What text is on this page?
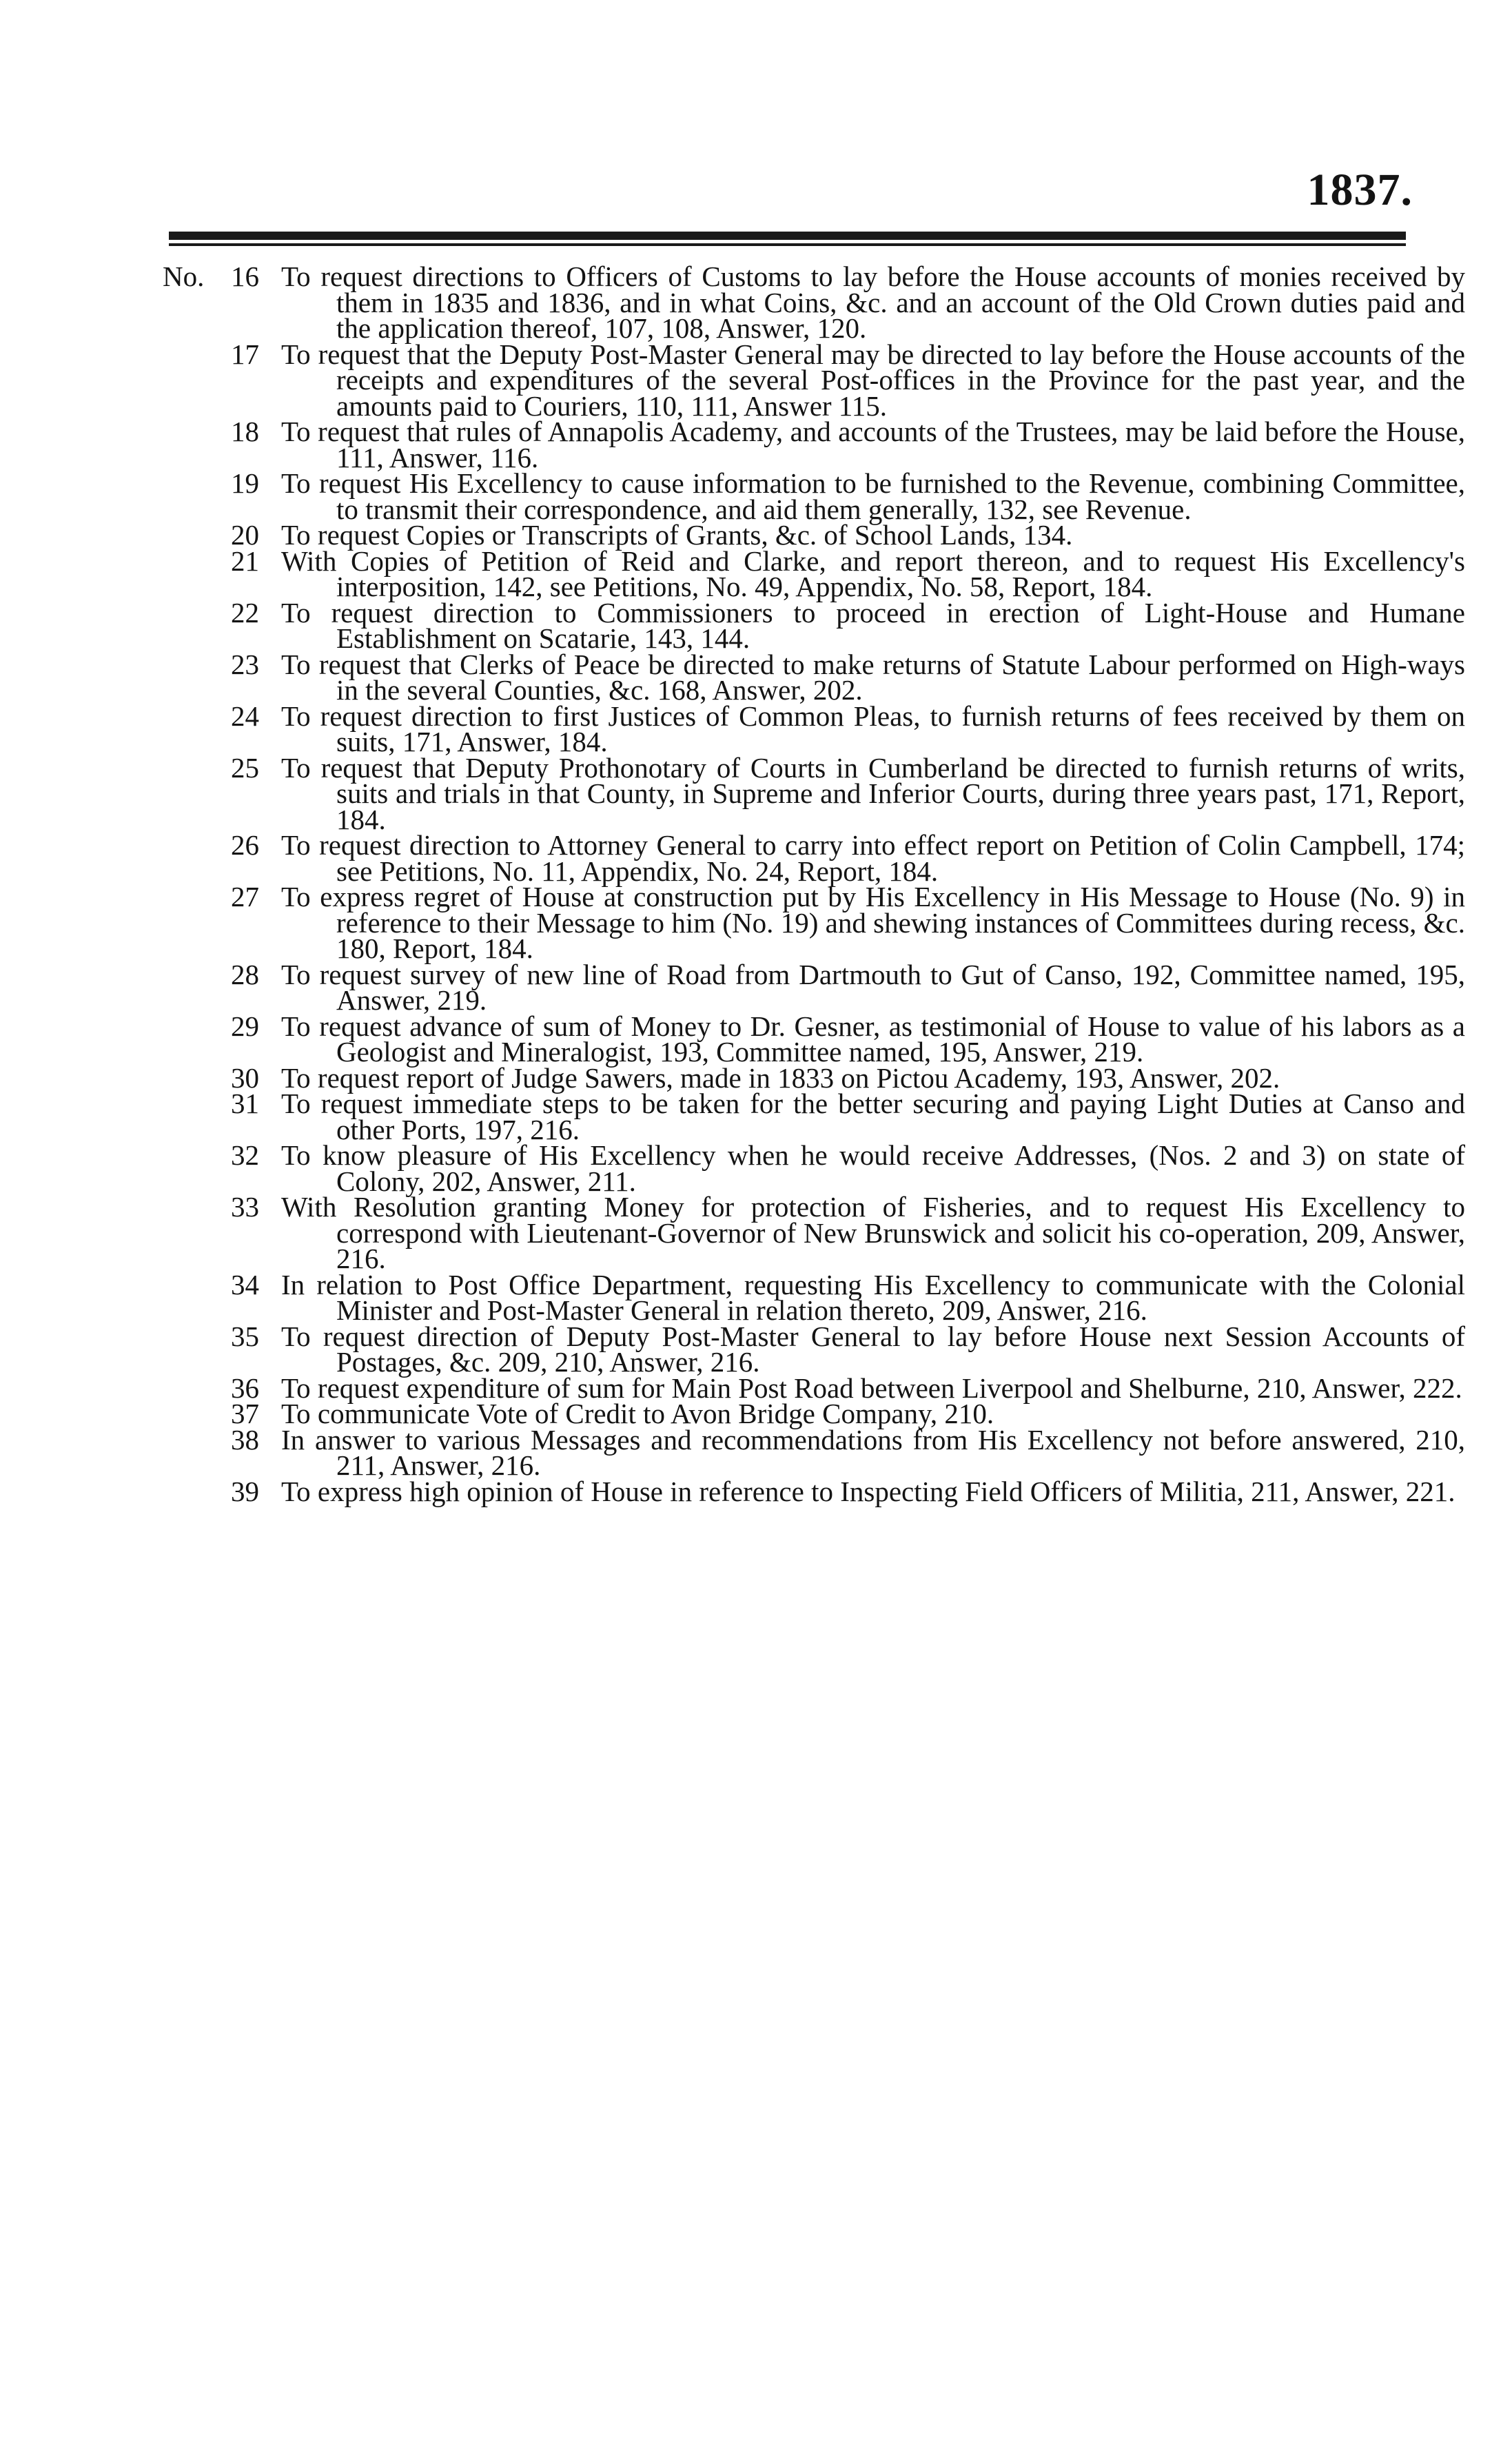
1837.
No. 16 To request directions to Officers of Customs to lay before the House accounts of monies received by them in 1835 and 1836, and in what Coins, &c. and an account of the Old Crown duties paid and the application thereof, 107, 108, Answer, 120.
17 To request that the Deputy Post-Master General may be directed to lay before the House accounts of the receipts and expenditures of the several Post-offices in the Province for the past year, and the amounts paid to Couriers, 110, 111, Answer 115.
18 To request that rules of Annapolis Academy, and accounts of the Trustees, may be laid before the House, 111, Answer, 116.
19 To request His Excellency to cause information to be furnished to the Revenue, combining Committee, to transmit their correspondence, and aid them generally, 132, see Revenue.
20 To request Copies or Transcripts of Grants, &c. of School Lands, 134.
21 With Copies of Petition of Reid and Clarke, and report thereon, and to request His Excellency's interposition, 142, see Petitions, No. 49, Appendix, No. 58, Report, 184.
22 To request direction to Commissioners to proceed in erection of Light-House and Humane Establishment on Scatarie, 143, 144.
23 To request that Clerks of Peace be directed to make returns of Statute Labour performed on High-ways in the several Counties, &c. 168, Answer, 202.
24 To request direction to first Justices of Common Pleas, to furnish returns of fees received by them on suits, 171, Answer, 184.
25 To request that Deputy Prothonotary of Courts in Cumberland be directed to furnish returns of writs, suits and trials in that County, in Supreme and Inferior Courts, during three years past, 171, Report, 184.
26 To request direction to Attorney General to carry into effect report on Petition of Colin Campbell, 174; see Petitions, No. 11, Appendix, No. 24, Report, 184.
27 To express regret of House at construction put by His Excellency in His Message to House (No. 9) in reference to their Message to him (No. 19) and shewing instances of Committees during recess, &c. 180, Report, 184.
28 To request survey of new line of Road from Dartmouth to Gut of Canso, 192, Committee named, 195, Answer, 219.
29 To request advance of sum of Money to Dr. Gesner, as testimonial of House to value of his labors as a Geologist and Mineralogist, 193, Committee named, 195, Answer, 219.
30 To request report of Judge Sawers, made in 1833 on Pictou Academy, 193, Answer, 202.
31 To request immediate steps to be taken for the better securing and paying Light Duties at Canso and other Ports, 197, 216.
32 To know pleasure of His Excellency when he would receive Addresses, (Nos. 2 and 3) on state of Colony, 202, Answer, 211.
33 With Resolution granting Money for protection of Fisheries, and to request His Excellency to correspond with Lieutenant-Governor of New Brunswick and solicit his co-operation, 209, Answer, 216.
34 In relation to Post Office Department, requesting His Excellency to communicate with the Colonial Minister and Post-Master General in relation thereto, 209, Answer, 216.
35 To request direction of Deputy Post-Master General to lay before House next Session Accounts of Postages, &c. 209, 210, Answer, 216.
36 To request expenditure of sum for Main Post Road between Liverpool and Shelburne, 210, Answer, 222.
37 To communicate Vote of Credit to Avon Bridge Company, 210.
38 In answer to various Messages and recommendations from His Excellency not before answered, 210, 211, Answer, 216.
39 To express high opinion of House in reference to Inspecting Field Officers of Militia, 211, Answer, 221.
